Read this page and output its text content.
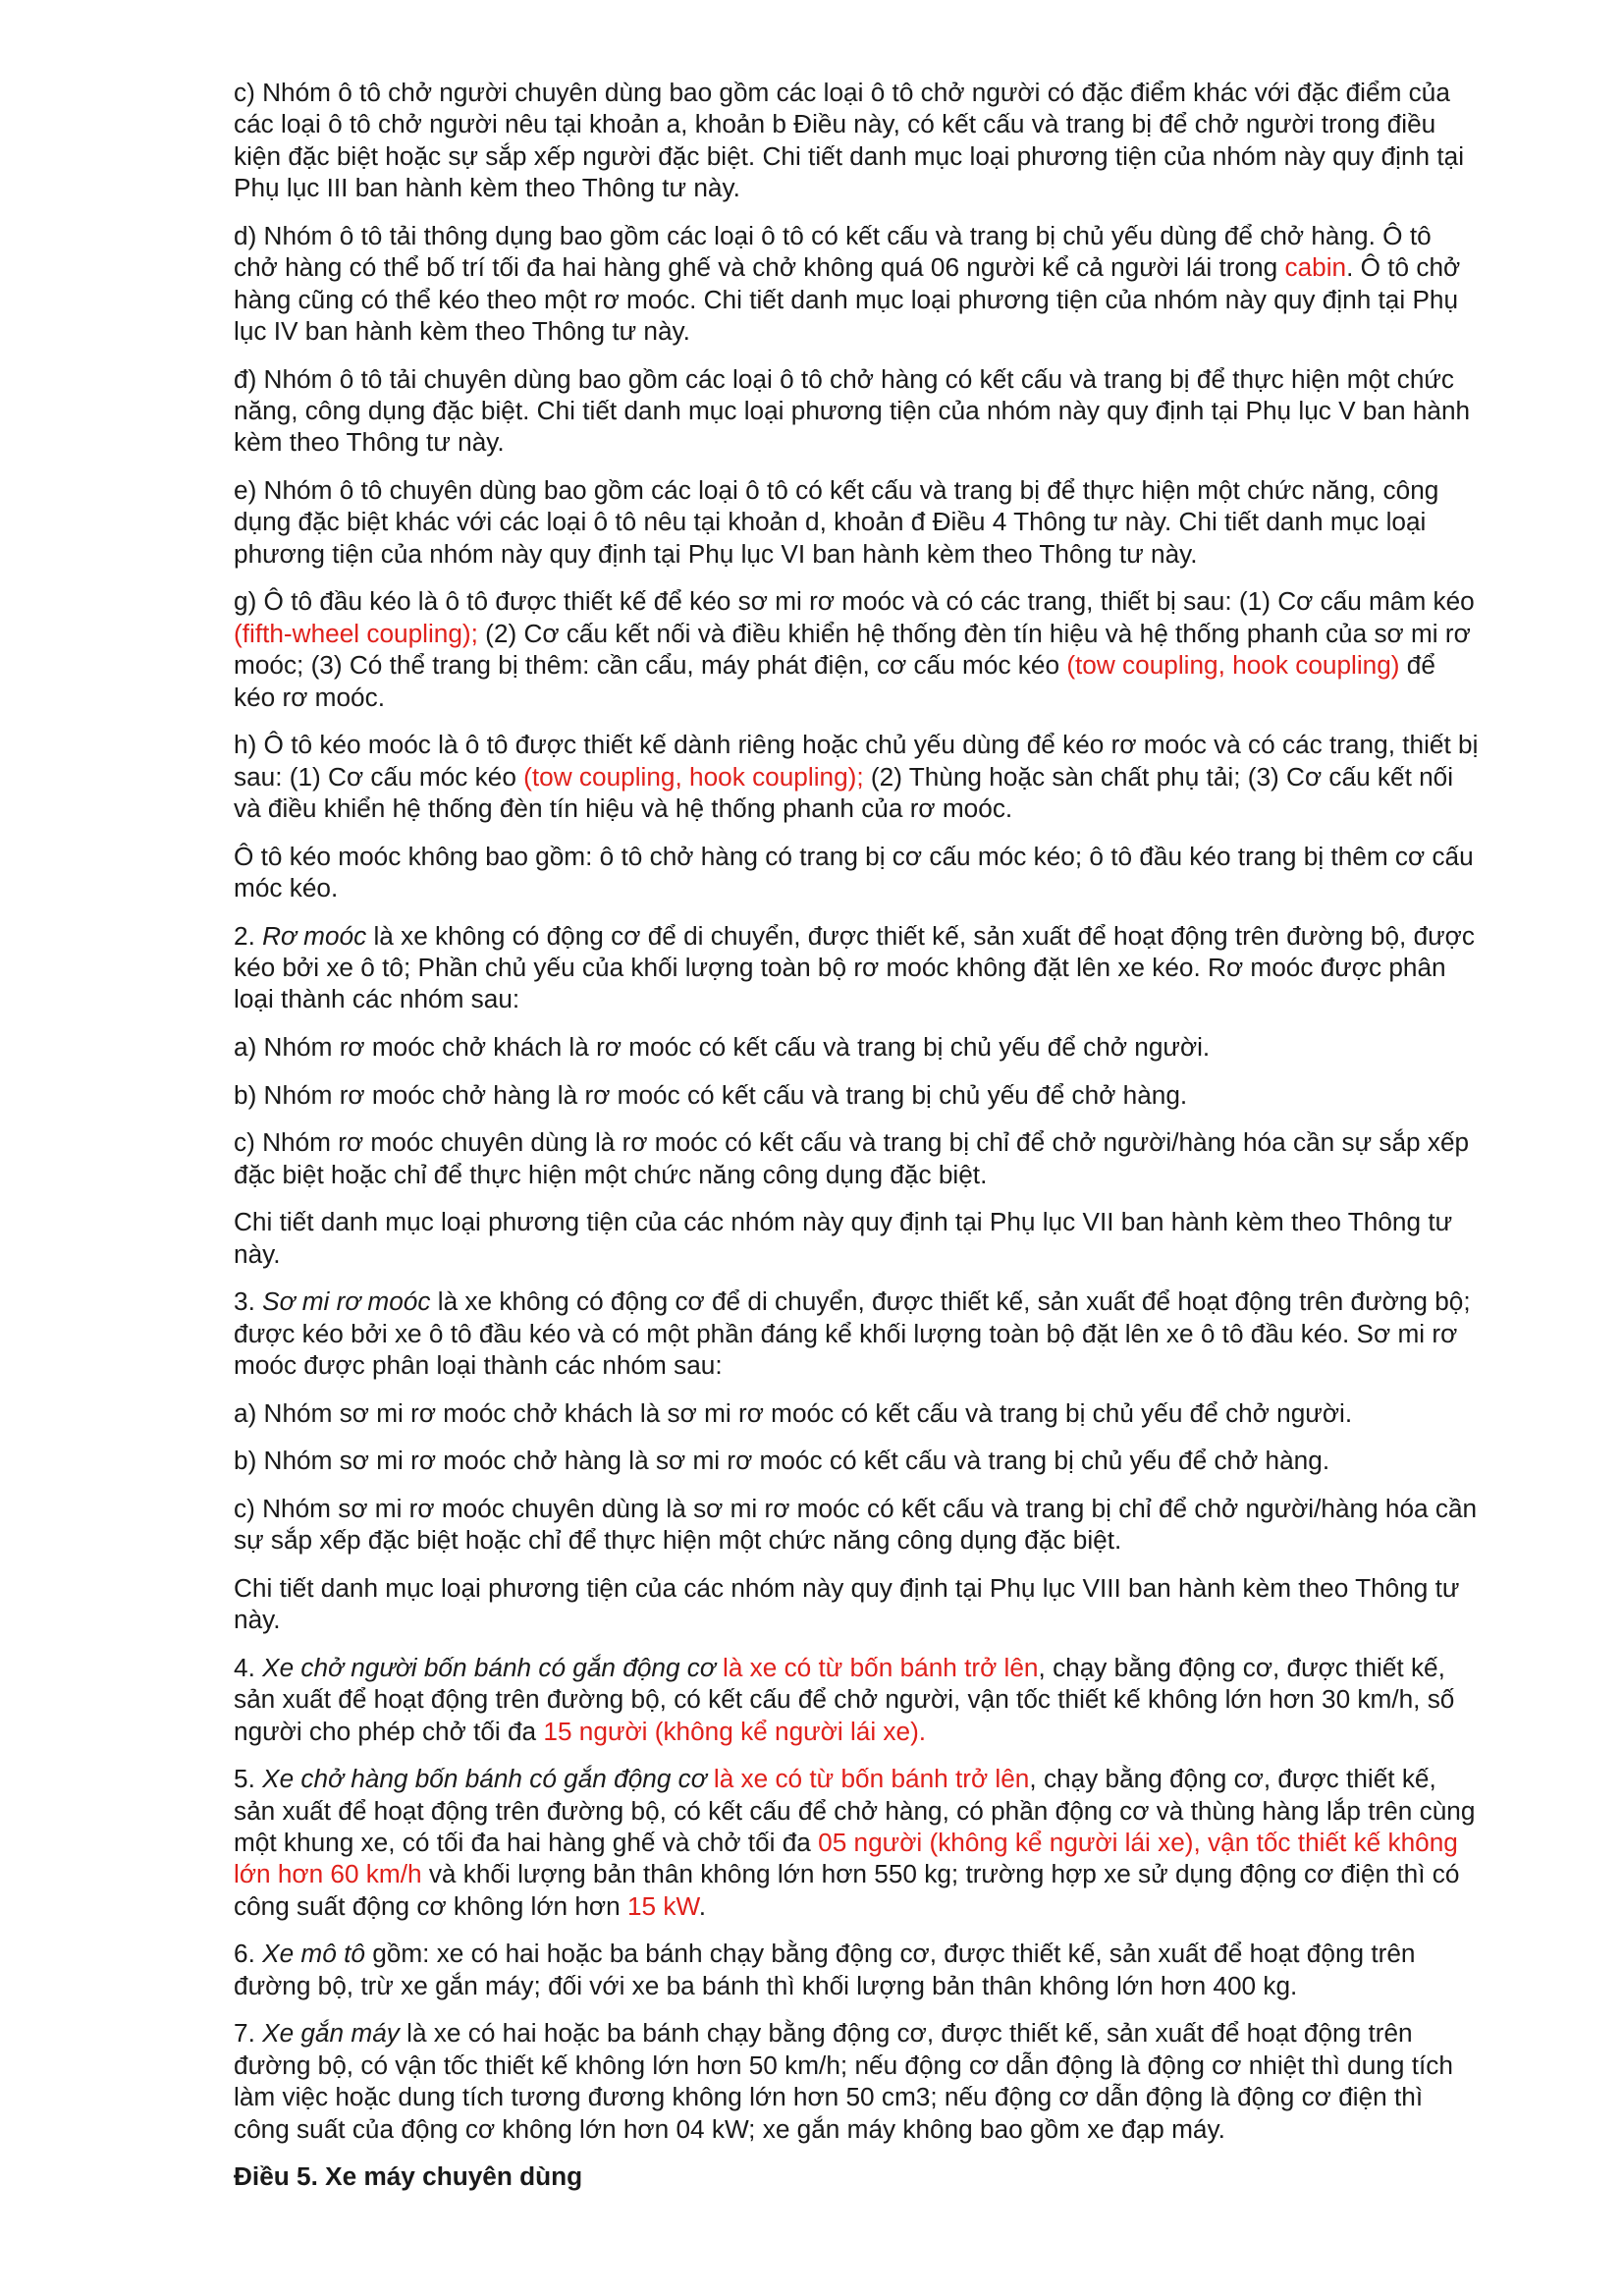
c) Nhóm ô tô chở người chuyên dùng bao gồm các loại ô tô chở người có đặc điểm khác với đặc điểm của các loại ô tô chở người nêu tại khoản a, khoản b Điều này, có kết cấu và trang bị để chở người trong điều kiện đặc biệt hoặc sự sắp xếp người đặc biệt. Chi tiết danh mục loại phương tiện của nhóm này quy định tại Phụ lục III ban hành kèm theo Thông tư này.

d) Nhóm ô tô tải thông dụng bao gồm các loại ô tô có kết cấu và trang bị chủ yếu dùng để chở hàng. Ô tô chở hàng có thể bố trí tối đa hai hàng ghế và chở không quá 06 người kể cả người lái trong cabin. Ô tô chở hàng cũng có thể kéo theo một rơ moóc. Chi tiết danh mục loại phương tiện của nhóm này quy định tại Phụ lục IV ban hành kèm theo Thông tư này.

đ) Nhóm ô tô tải chuyên dùng bao gồm các loại ô tô chở hàng có kết cấu và trang bị để thực hiện một chức năng, công dụng đặc biệt. Chi tiết danh mục loại phương tiện của nhóm này quy định tại Phụ lục V ban hành kèm theo Thông tư này.

e) Nhóm ô tô chuyên dùng bao gồm các loại ô tô có kết cấu và trang bị để thực hiện một chức năng, công dụng đặc biệt khác với các loại ô tô nêu tại khoản d, khoản đ Điều 4 Thông tư này. Chi tiết danh mục loại phương tiện của nhóm này quy định tại Phụ lục VI ban hành kèm theo Thông tư này.

g) Ô tô đầu kéo là ô tô được thiết kế để kéo sơ mi rơ moóc và có các trang, thiết bị sau: (1) Cơ cấu mâm kéo (fifth-wheel coupling); (2) Cơ cấu kết nối và điều khiển hệ thống đèn tín hiệu và hệ thống phanh của sơ mi rơ moóc; (3) Có thể trang bị thêm: cần cẩu, máy phát điện, cơ cấu móc kéo (tow coupling, hook coupling) để kéo rơ moóc.

h) Ô tô kéo moóc là ô tô được thiết kế dành riêng hoặc chủ yếu dùng để kéo rơ moóc và có các trang, thiết bị sau: (1) Cơ cấu móc kéo (tow coupling, hook coupling); (2) Thùng hoặc sàn chất phụ tải; (3) Cơ cấu kết nối và điều khiển hệ thống đèn tín hiệu và hệ thống phanh của rơ moóc.

Ô tô kéo moóc không bao gồm: ô tô chở hàng có trang bị cơ cấu móc kéo; ô tô đầu kéo trang bị thêm cơ cấu móc kéo.

2. Rơ moóc là xe không có động cơ để di chuyển, được thiết kế, sản xuất để hoạt động trên đường bộ, được kéo bởi xe ô tô; Phần chủ yếu của khối lượng toàn bộ rơ moóc không đặt lên xe kéo. Rơ moóc được phân loại thành các nhóm sau:

a) Nhóm rơ moóc chở khách là rơ moóc có kết cấu và trang bị chủ yếu để chở người.

b) Nhóm rơ moóc chở hàng là rơ moóc có kết cấu và trang bị chủ yếu để chở hàng.

c) Nhóm rơ moóc chuyên dùng là rơ moóc có kết cấu và trang bị chỉ để chở người/hàng hóa cần sự sắp xếp đặc biệt hoặc chỉ để thực hiện một chức năng công dụng đặc biệt.

Chi tiết danh mục loại phương tiện của các nhóm này quy định tại Phụ lục VII ban hành kèm theo Thông tư này.

3. Sơ mi rơ moóc là xe không có động cơ để di chuyển, được thiết kế, sản xuất để hoạt động trên đường bộ; được kéo bởi xe ô tô đầu kéo và có một phần đáng kể khối lượng toàn bộ đặt lên xe ô tô đầu kéo. Sơ mi rơ moóc được phân loại thành các nhóm sau:

a) Nhóm sơ mi rơ moóc chở khách là sơ mi rơ moóc có kết cấu và trang bị chủ yếu để chở người.

b) Nhóm sơ mi rơ moóc chở hàng là sơ mi rơ moóc có kết cấu và trang bị chủ yếu để chở hàng.

c) Nhóm sơ mi rơ moóc chuyên dùng là sơ mi rơ moóc có kết cấu và trang bị chỉ để chở người/hàng hóa cần sự sắp xếp đặc biệt hoặc chỉ để thực hiện một chức năng công dụng đặc biệt.

Chi tiết danh mục loại phương tiện của các nhóm này quy định tại Phụ lục VIII ban hành kèm theo Thông tư này.

4. Xe chở người bốn bánh có gắn động cơ là xe có từ bốn bánh trở lên, chạy bằng động cơ, được thiết kế, sản xuất để hoạt động trên đường bộ, có kết cấu để chở người, vận tốc thiết kế không lớn hơn 30 km/h, số người cho phép chở tối đa 15 người (không kể người lái xe).

5. Xe chở hàng bốn bánh có gắn động cơ là xe có từ bốn bánh trở lên, chạy bằng động cơ, được thiết kế, sản xuất để hoạt động trên đường bộ, có kết cấu để chở hàng, có phần động cơ và thùng hàng lắp trên cùng một khung xe, có tối đa hai hàng ghế và chở tối đa 05 người (không kể người lái xe), vận tốc thiết kế không lớn hơn 60 km/h và khối lượng bản thân không lớn hơn 550 kg; trường hợp xe sử dụng động cơ điện thì có công suất động cơ không lớn hơn 15 kW.

6. Xe mô tô gồm: xe có hai hoặc ba bánh chạy bằng động cơ, được thiết kế, sản xuất để hoạt động trên đường bộ, trừ xe gắn máy; đối với xe ba bánh thì khối lượng bản thân không lớn hơn 400 kg.

7. Xe gắn máy là xe có hai hoặc ba bánh chạy bằng động cơ, được thiết kế, sản xuất để hoạt động trên đường bộ, có vận tốc thiết kế không lớn hơn 50 km/h; nếu động cơ dẫn động là động cơ nhiệt thì dung tích làm việc hoặc dung tích tương đương không lớn hơn 50 cm3; nếu động cơ dẫn động là động cơ điện thì công suất của động cơ không lớn hơn 04 kW; xe gắn máy không bao gồm xe đạp máy.

Điều 5. Xe máy chuyên dùng
